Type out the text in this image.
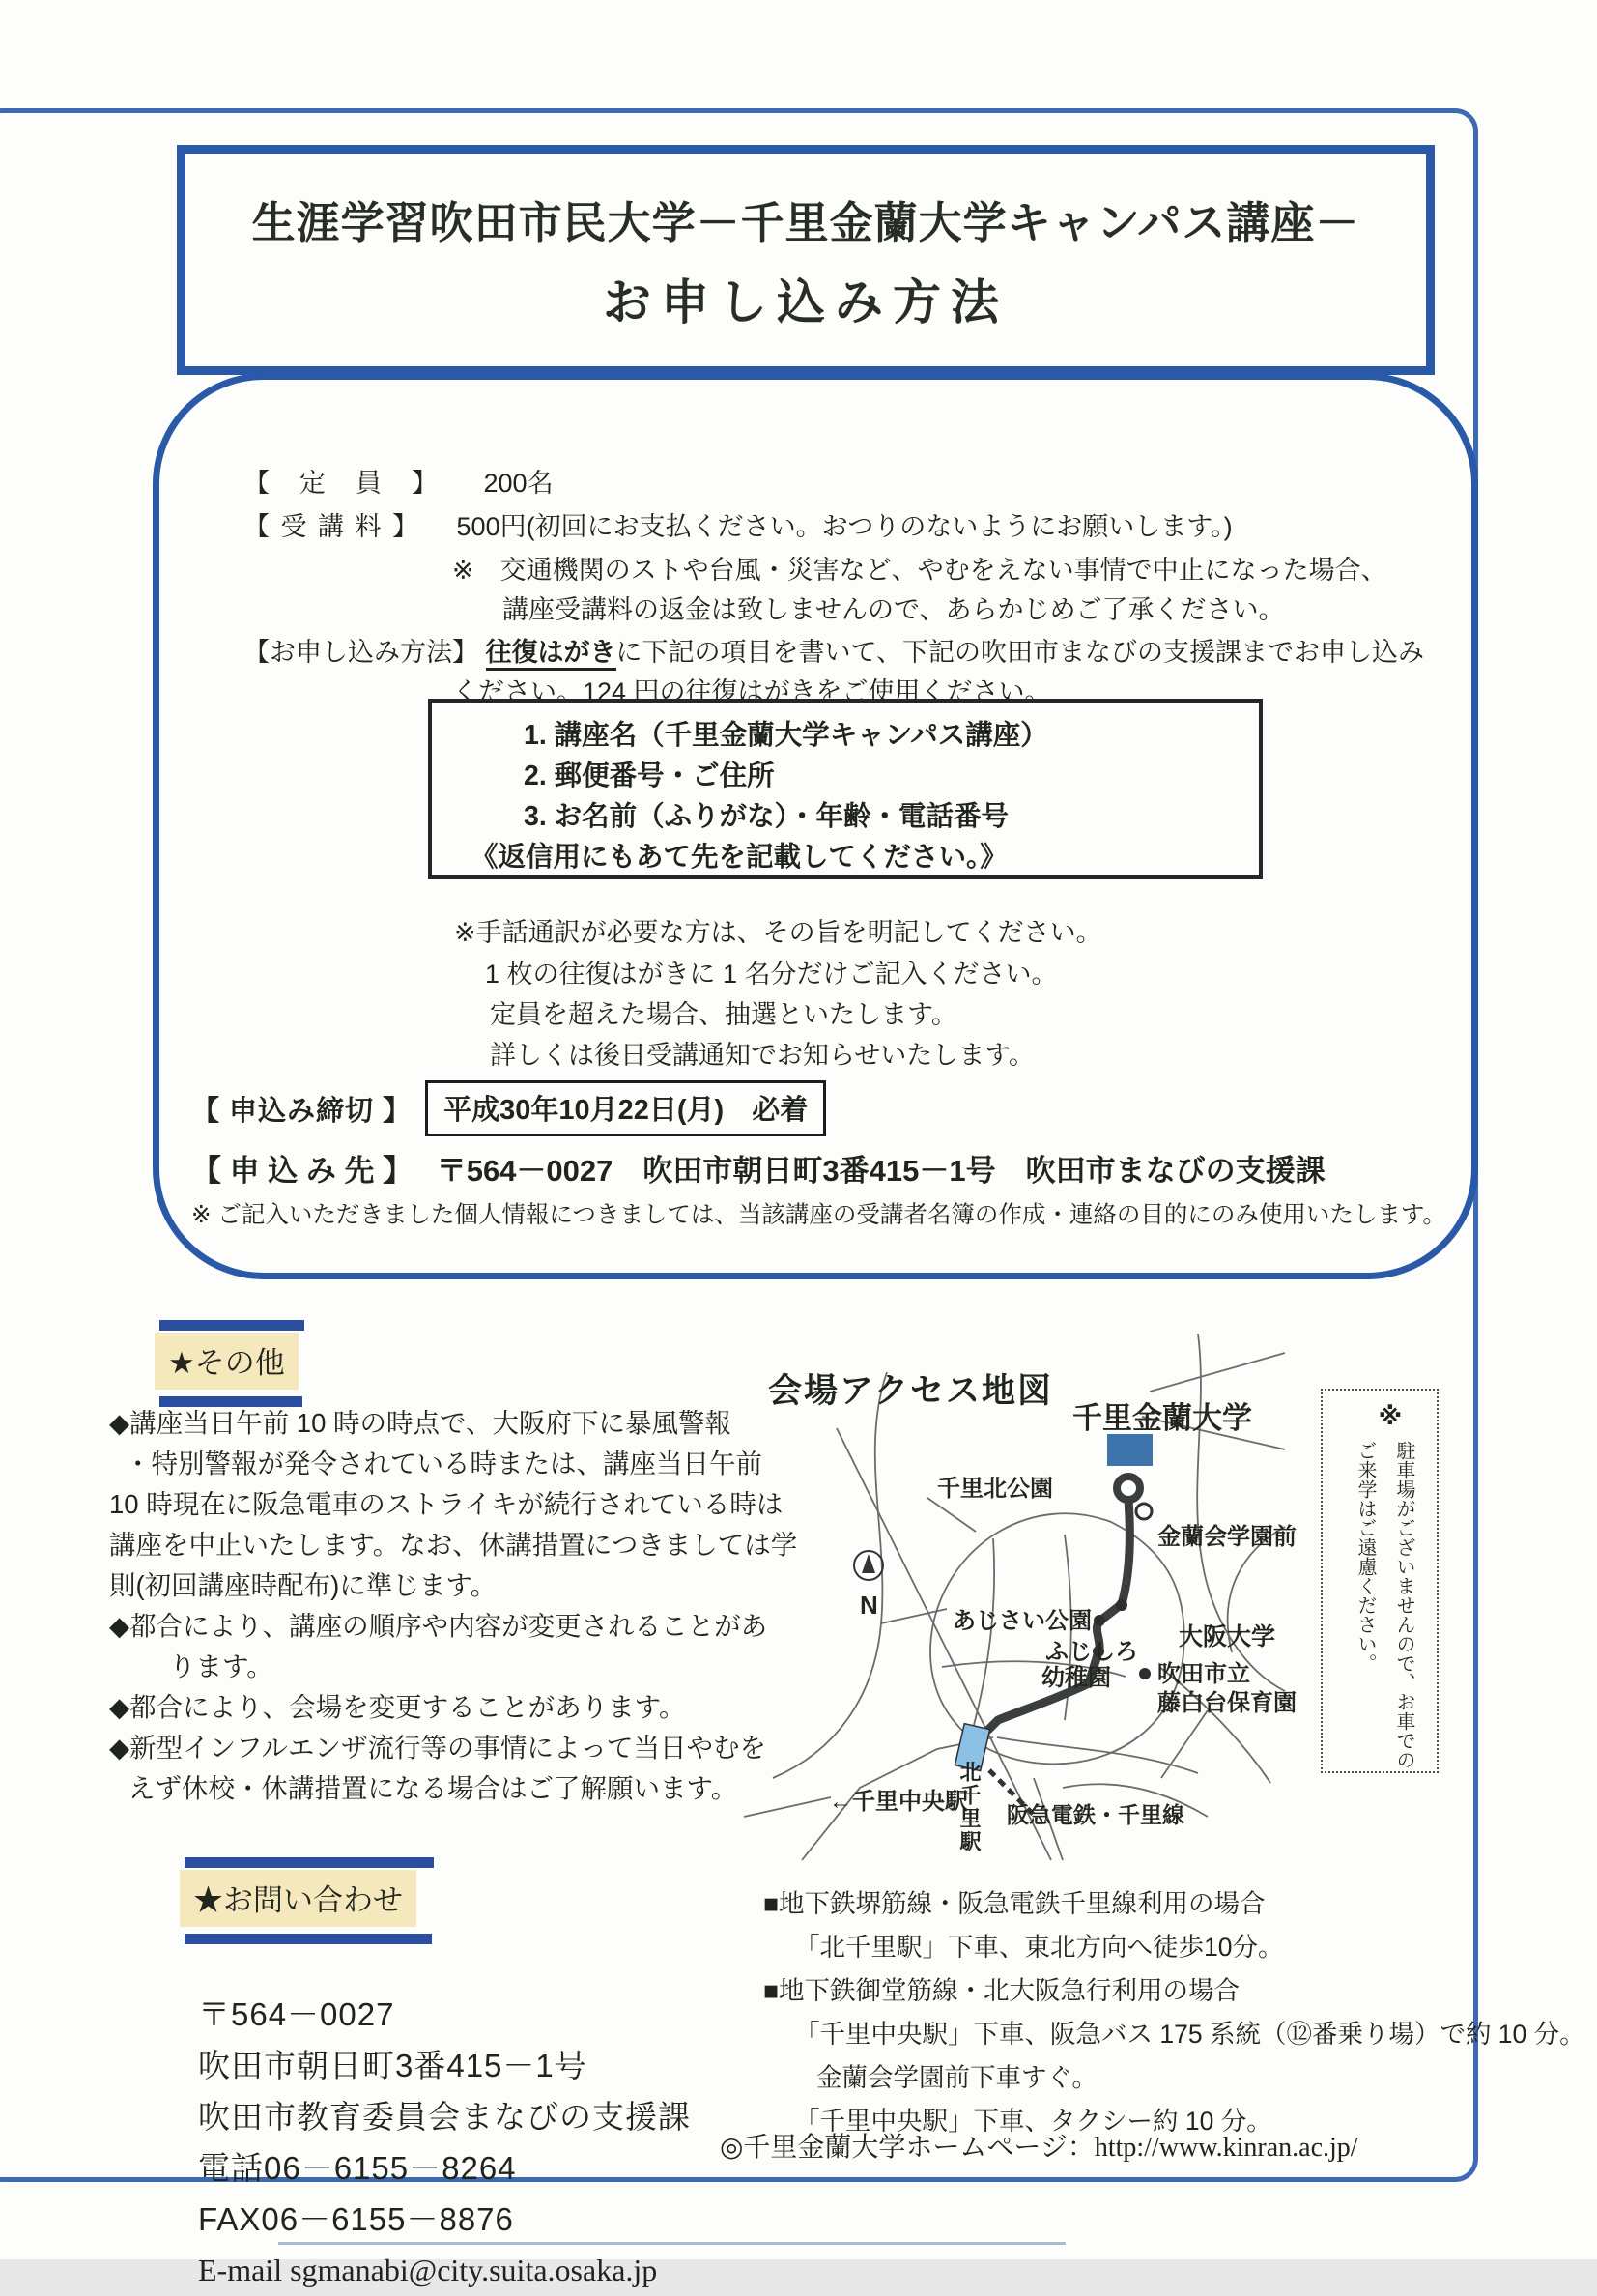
生涯学習吹田市民大学－千里金蘭大学キャンパス講座－
お申し込み方法
【　定　員　】 200名
【 受 講 料 】 500円(初回にお支払ください。おつりのないようにお願いします。)
※　交通機関のストや台風・災害など、やむをえない事情で中止になった場合、
講座受講料の返金は致しませんので、あらかじめご了承ください。
【お申し込み方法】 往復はがきに下記の項目を書いて、下記の吹田市まなびの支援課までお申し込み
ください。124 円の往復はがきをご使用ください。
1. 講座名（千里金蘭大学キャンパス講座）
2. 郵便番号・ご住所
3. お名前（ふりがな）・年齢・電話番号
《返信用にもあて先を記載してください。》
※手話通訳が必要な方は、その旨を明記してください。
1 枚の往復はがきに 1 名分だけご記入ください。
定員を超えた場合、抽選といたします。
詳しくは後日受講通知でお知らせいたします。
【 申込み締切 】	平成30年10月22日(月)　必着
【 申 込 み 先 】 〒564－0027　吹田市朝日町3番415－1号　吹田市まなびの支援課
※ ご記入いただきました個人情報につきましては、当該講座の受講者名簿の作成・連絡の目的にのみ使用いたします。
★その他
◆講座当日午前 10 時の時点で、大阪府下に暴風警報
・特別警報が発令されている時または、講座当日午前
10 時現在に阪急電車のストライキが続行されている時は
講座を中止いたします。なお、休講措置につきましては学
則(初回講座時配布)に準じます。
◆都合により、講座の順序や内容が変更されることがあ
ります。
◆都合により、会場を変更することがあります。
◆新型インフルエンザ流行等の事情によって当日やむを
えず休校・休講措置になる場合はご了解願います。
会場アクセス地図
N
千里金蘭大学
千里北公園
金蘭会学園前
あじさい公園
ふじしろ
幼稚園 吹田市立
藤白台保育園
大阪大学
←千里中央駅 阪急電鉄・千里線
北千里駅
※
駐車場がございませんので、お車での
ご来学はご遠慮ください。
★お問い合わせ
〒564－0027
吹田市朝日町3番415－1号
吹田市教育委員会まなびの支援課
電話06－6155－8264
FAX06－6155－8876
E-mail sgmanabi@city.suita.osaka.jp
■地下鉄堺筋線・阪急電鉄千里線利用の場合
「北千里駅」下車、東北方向へ徒歩10分。
■地下鉄御堂筋線・北大阪急行利用の場合
「千里中央駅」下車、阪急バス 175 系統（⑫番乗り場）で約 10 分。
金蘭会学園前下車すぐ。
「千里中央駅」下車、タクシー約 10 分。
◎千里金蘭大学ホームページ：http://www.kinran.ac.jp/
